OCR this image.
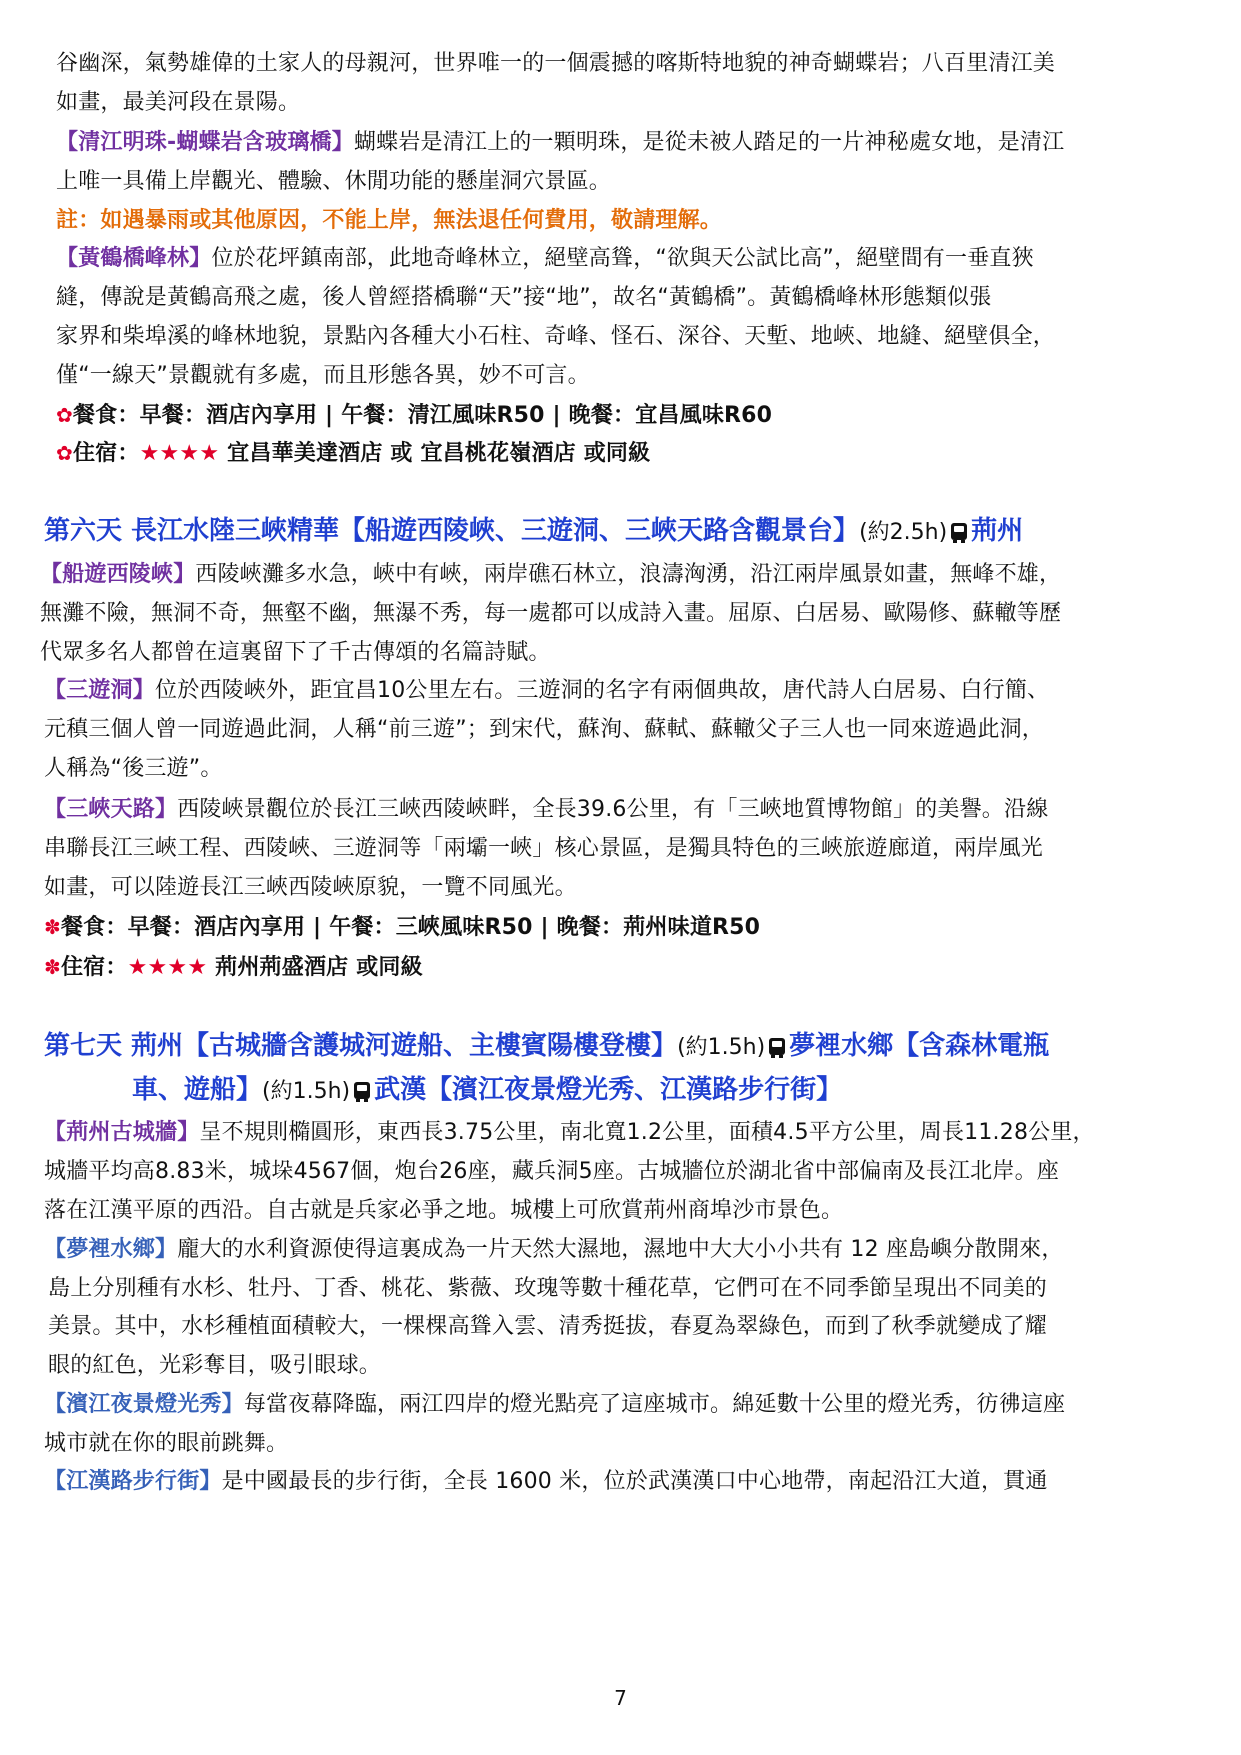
谷幽深，氣勢雄偉的土家人的母親河，世界唯一的一個震撼的喀斯特地貌的神奇蝴蝶岩；八百里清江美
如畫，最美河段在景陽。
【清江明珠-蝴蝶岩含玻璃橋】蝴蝶岩是清江上的一顆明珠，是從未被人踏足的一片神秘處女地，是清江
上唯一具備上岸觀光、體驗、休閒功能的懸崖洞穴景區。
註：如遇暴雨或其他原因，不能上岸，無法退任何費用，敬請理解。
【黃鶴橋峰林】位於花坪鎮南部，此地奇峰林立，絕壁高聳，“欲與天公試比高”，絕壁間有一垂直狹
縫，傳說是黃鶴高飛之處，後人曾經搭橋聯“天”接“地”，故名“黃鶴橋”。黃鶴橋峰林形態類似張
家界和柴埠溪的峰林地貌，景點內各種大小石柱、奇峰、怪石、深谷、天塹、地峽、地縫、絕壁俱全，
僅“一線天”景觀就有多處，而且形態各異，妙不可言。
✿餐食：早餐：酒店內享用 | 午餐：清江風味R50 | 晚餐：宜昌風味R60
✿住宿：★★★★ 宜昌華美達酒店 或 宜昌桃花嶺酒店 或同級
第六天 長江水陸三峽精華【船遊西陵峽、三遊洞、三峽天路含觀景台】(約2.5h) 荊州
【船遊西陵峽】西陵峽灘多水急，峽中有峽，兩岸礁石林立，浪濤洶湧，沿江兩岸風景如畫，無峰不雄，
無灘不險，無洞不奇，無壑不幽，無瀑不秀，每一處都可以成詩入畫。屈原、白居易、歐陽修、蘇轍等歷
代眾多名人都曾在這裏留下了千古傳頌的名篇詩賦。
【三遊洞】位於西陵峽外，距宜昌10公里左右。三遊洞的名字有兩個典故，唐代詩人白居易、白行簡、
元稹三個人曾一同遊過此洞，人稱“前三遊”；到宋代，蘇洵、蘇軾、蘇轍父子三人也一同來遊過此洞，
人稱為“後三遊”。
【三峽天路】西陵峽景觀位於長江三峽西陵峽畔，全長39.6公里，有「三峽地質博物館」的美譽。沿線
串聯長江三峽工程、西陵峽、三遊洞等「兩壩一峽」核心景區，是獨具特色的三峽旅遊廊道，兩岸風光
如畫，可以陸遊長江三峽西陵峽原貌，一覽不同風光。
✽餐食：早餐：酒店內享用 | 午餐：三峽風味R50 | 晚餐：荊州味道R50
✽住宿：★★★★ 荊州荊盛酒店 或同級
第七天 荊州【古城牆含護城河遊船、主樓賓陽樓登樓】(約1.5h) 夢裡水鄉【含森林電瓶
車、遊船】(約1.5h) 武漢【濱江夜景燈光秀、江漢路步行街】
【荊州古城牆】呈不規則橢圓形，東西長3.75公里，南北寬1.2公里，面積4.5平方公里，周長11.28公里，
城牆平均高8.83米，城垛4567個，炮台26座，藏兵洞5座。古城牆位於湖北省中部偏南及長江北岸。座
落在江漢平原的西沿。自古就是兵家必爭之地。城樓上可欣賞荊州商埠沙市景色。
【夢裡水鄉】龐大的水利資源使得這裏成為一片天然大濕地，濕地中大大小小共有 12 座島嶼分散開來，
島上分別種有水杉、牡丹、丁香、桃花、紫薇、玫瑰等數十種花草，它們可在不同季節呈現出不同美的
美景。其中，水杉種植面積較大，一棵棵高聳入雲、清秀挺拔，春夏為翠綠色，而到了秋季就變成了耀
眼的紅色，光彩奪目，吸引眼球。
【濱江夜景燈光秀】每當夜幕降臨，兩江四岸的燈光點亮了這座城市。綿延數十公里的燈光秀，彷彿這座
城市就在你的眼前跳舞。
【江漢路步行街】是中國最長的步行街，全長 1600 米，位於武漢漢口中心地帶，南起沿江大道，貫通
7
